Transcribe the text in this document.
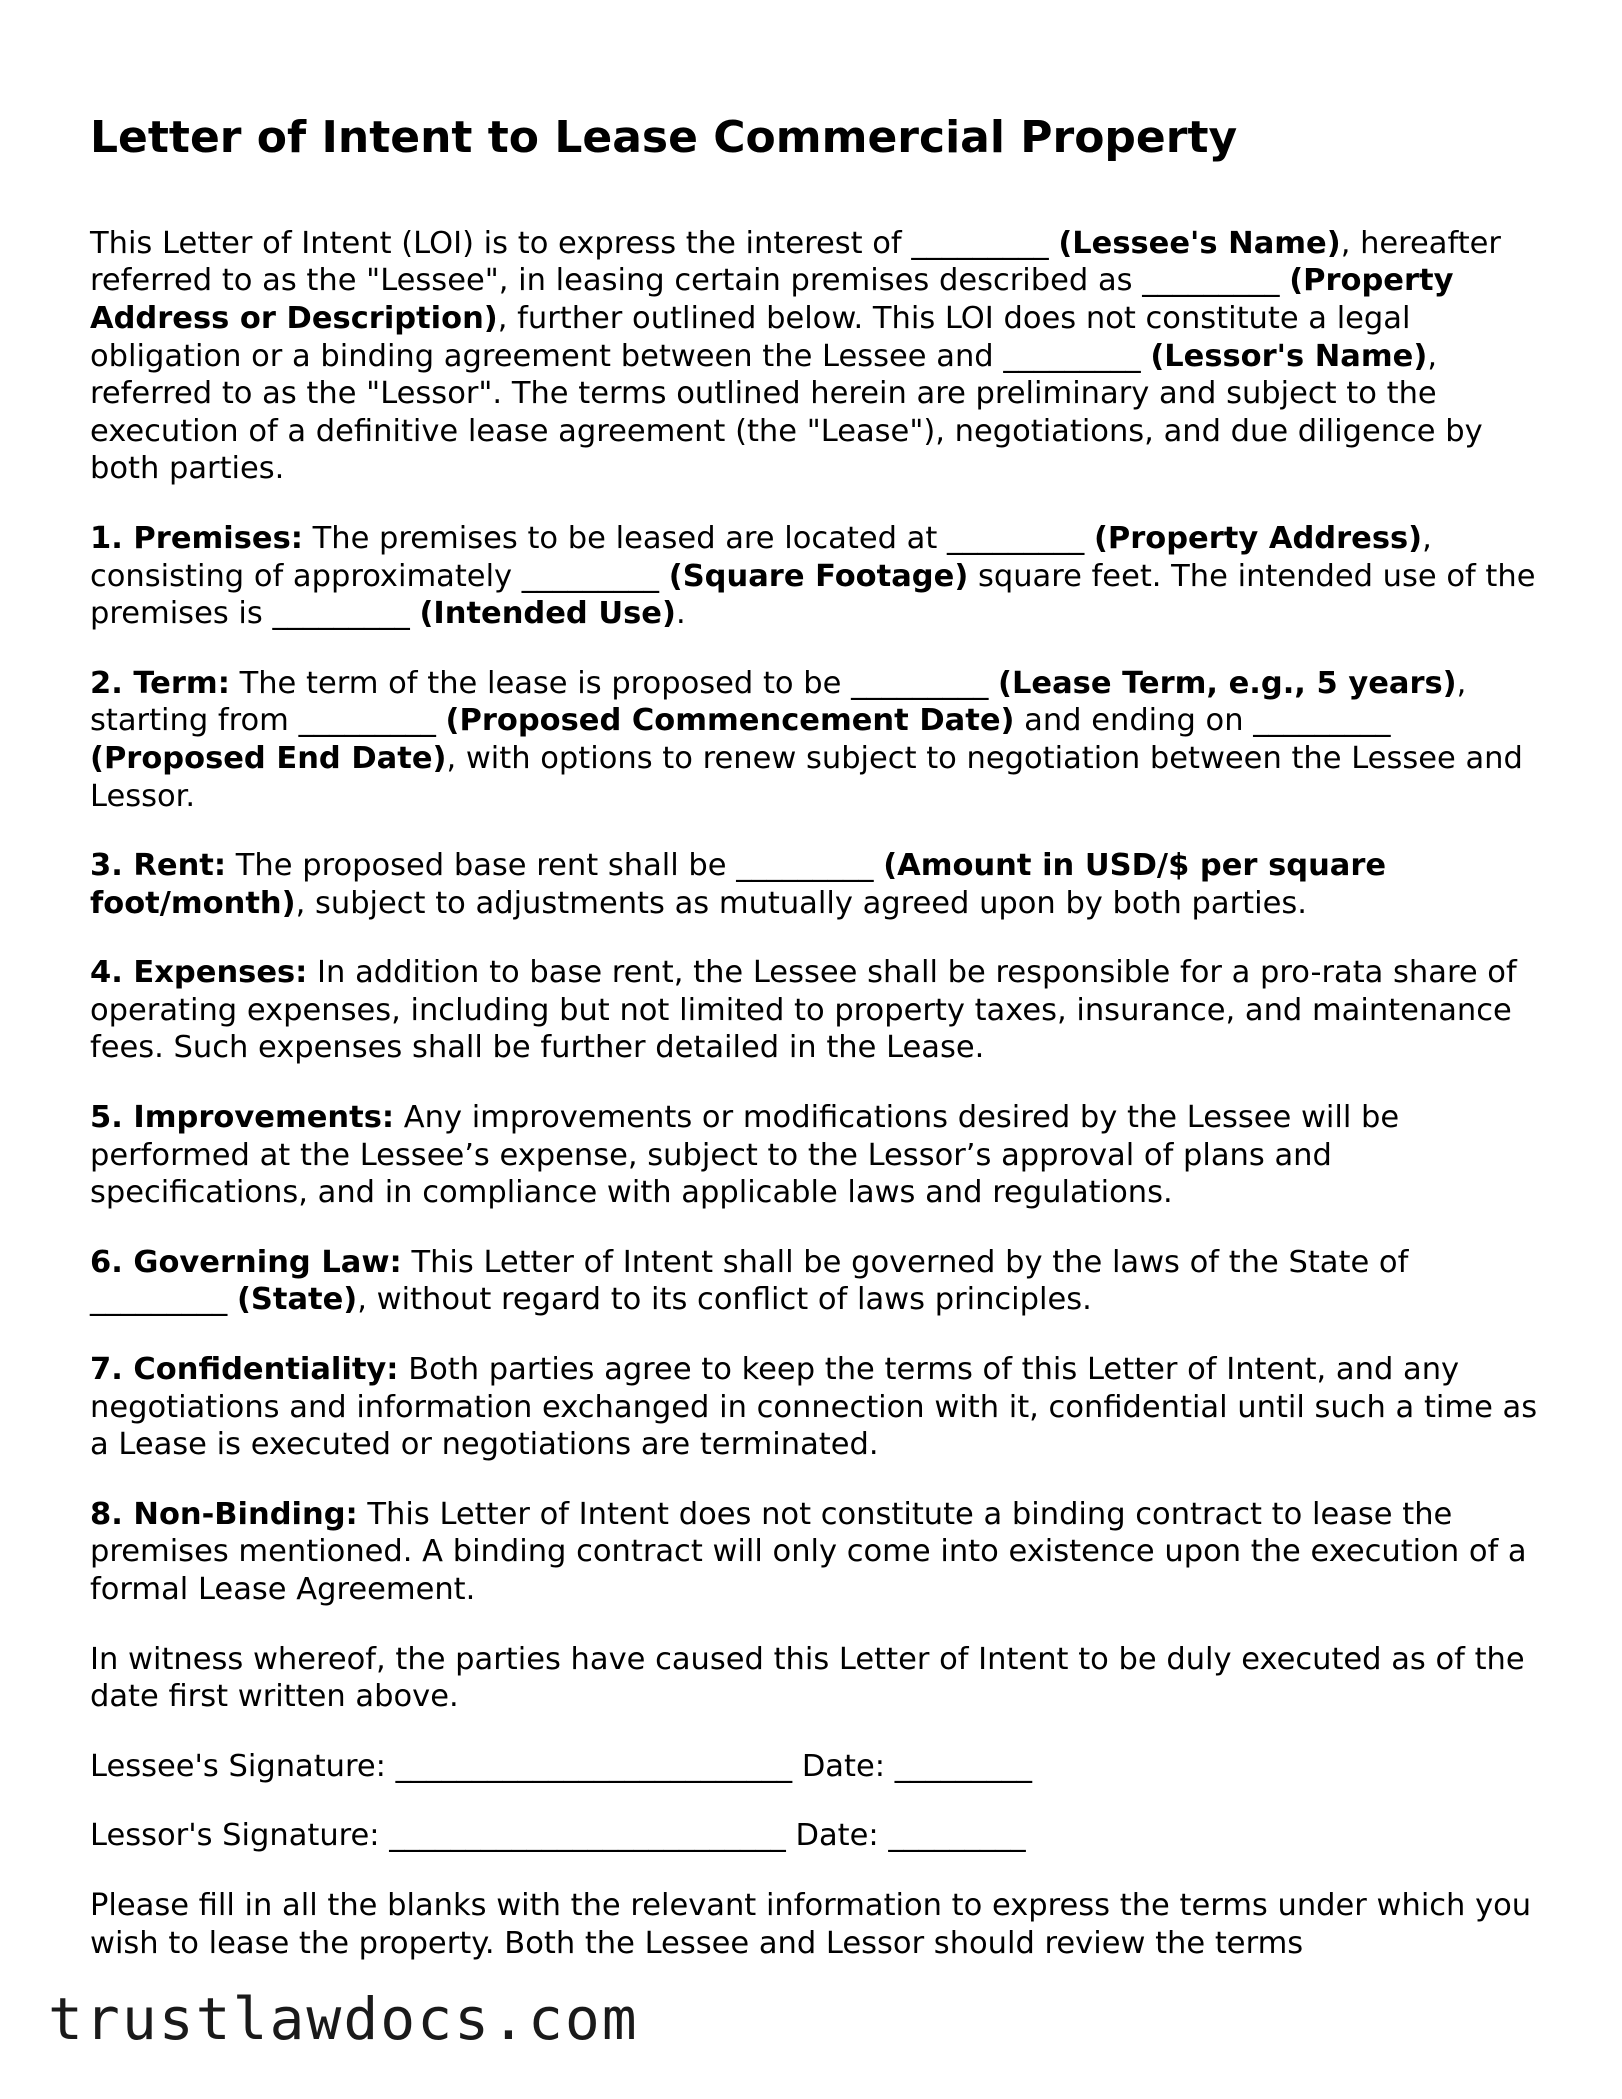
Letter of Intent to Lease Commercial Property

This Letter of Intent (LOI) is to express the interest of _________ (Lessee's Name), hereafter referred to as the "Lessee", in leasing certain premises described as _________ (Property Address or Description), further outlined below. This LOI does not constitute a legal obligation or a binding agreement between the Lessee and _________ (Lessor's Name), referred to as the "Lessor". The terms outlined herein are preliminary and subject to the execution of a definitive lease agreement (the "Lease"), negotiations, and due diligence by both parties.

1. Premises: The premises to be leased are located at _________ (Property Address), consisting of approximately _________ (Square Footage) square feet. The intended use of the premises is _________ (Intended Use).

2. Term: The term of the lease is proposed to be _________ (Lease Term, e.g., 5 years), starting from _________ (Proposed Commencement Date) and ending on _________ (Proposed End Date), with options to renew subject to negotiation between the Lessee and Lessor.

3. Rent: The proposed base rent shall be _________ (Amount in USD/$ per square foot/month), subject to adjustments as mutually agreed upon by both parties.

4. Expenses: In addition to base rent, the Lessee shall be responsible for a pro-rata share of operating expenses, including but not limited to property taxes, insurance, and maintenance fees. Such expenses shall be further detailed in the Lease.

5. Improvements: Any improvements or modifications desired by the Lessee will be performed at the Lessee’s expense, subject to the Lessor’s approval of plans and specifications, and in compliance with applicable laws and regulations.

6. Governing Law: This Letter of Intent shall be governed by the laws of the State of _________ (State), without regard to its conflict of laws principles.

7. Confidentiality: Both parties agree to keep the terms of this Letter of Intent, and any negotiations and information exchanged in connection with it, confidential until such a time as a Lease is executed or negotiations are terminated.

8. Non-Binding: This Letter of Intent does not constitute a binding contract to lease the premises mentioned. A binding contract will only come into existence upon the execution of a formal Lease Agreement.

In witness whereof, the parties have caused this Letter of Intent to be duly executed as of the date first written above.

Lessee's Signature: __________________________ Date: _________

Lessor's Signature: __________________________ Date: _________

Please fill in all the blanks with the relevant information to express the terms under which you wish to lease the property. Both the Lessee and Lessor should review the terms

trustlawdocs.com
